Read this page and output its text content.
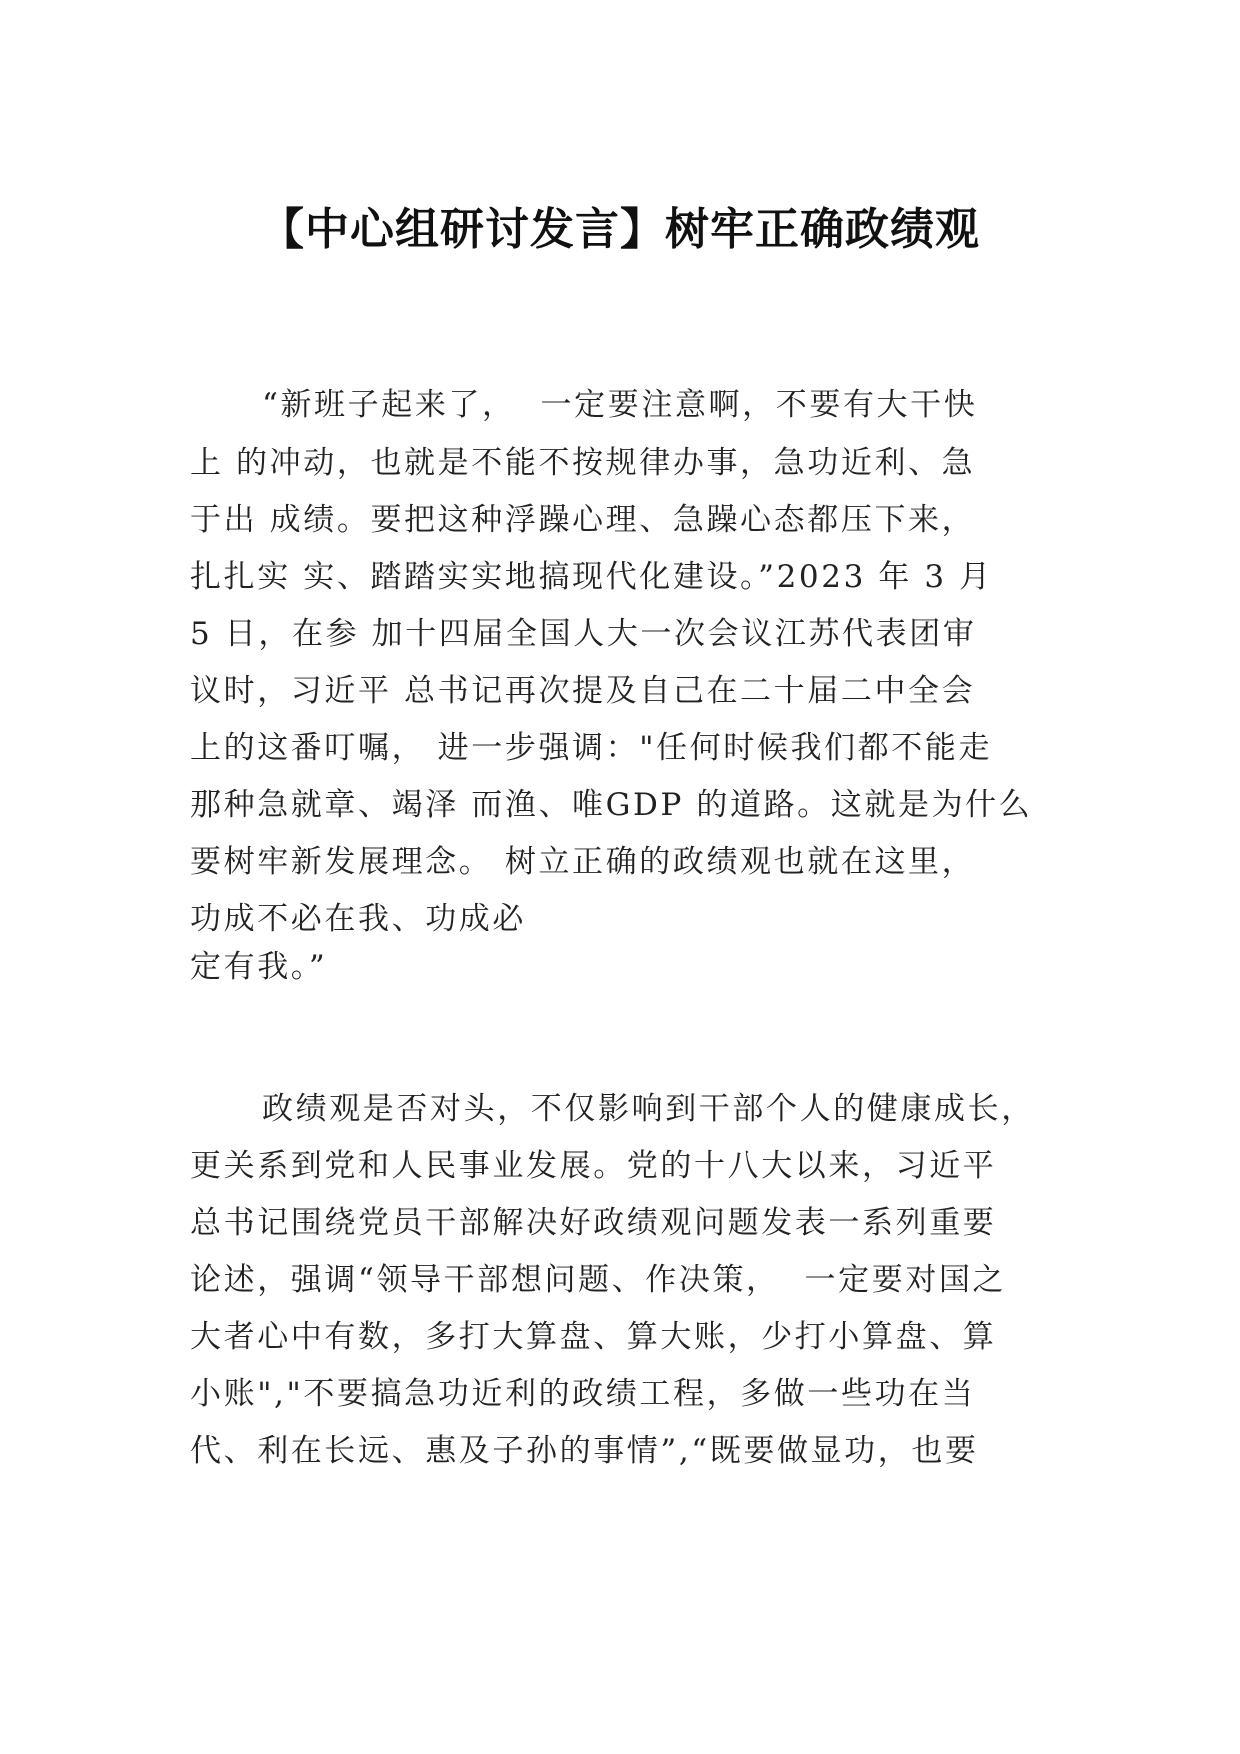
【中心组研讨发言】树牢正确政绩观

“新班子起来了，  一定要注意啊，不要有大干快

上 的冲动，也就是不能不按规律办事，急功近利、急

于出 成绩。要把这种浮躁心理、急躁心态都压下来，

扎扎实 实、踏踏实实地搞现代化建设。”2023 年 3 月

5 日，在参 加十四届全国人大一次会议江苏代表团审

议时，习近平 总书记再次提及自己在二十届二中全会

上的这番叮嘱， 进一步强调："任何时候我们都不能走

那种急就章、竭泽 而渔、唯GDP 的道路。这就是为什么

要树牢新发展理念。 树立正确的政绩观也就在这里，

功成不必在我、功成必

定有我。”

政绩观是否对头，不仅影响到干部个人的健康成长，

更关系到党和人民事业发展。党的十八大以来，习近平

总书记围绕党员干部解决好政绩观问题发表一系列重要

论述，强调“领导干部想问题、作决策，  一定要对国之

大者心中有数，多打大算盘、算大账，少打小算盘、算

小账","不要搞急功近利的政绩工程，多做一些功在当

代、利在长远、惠及子孙的事情”,“既要做显功，也要
